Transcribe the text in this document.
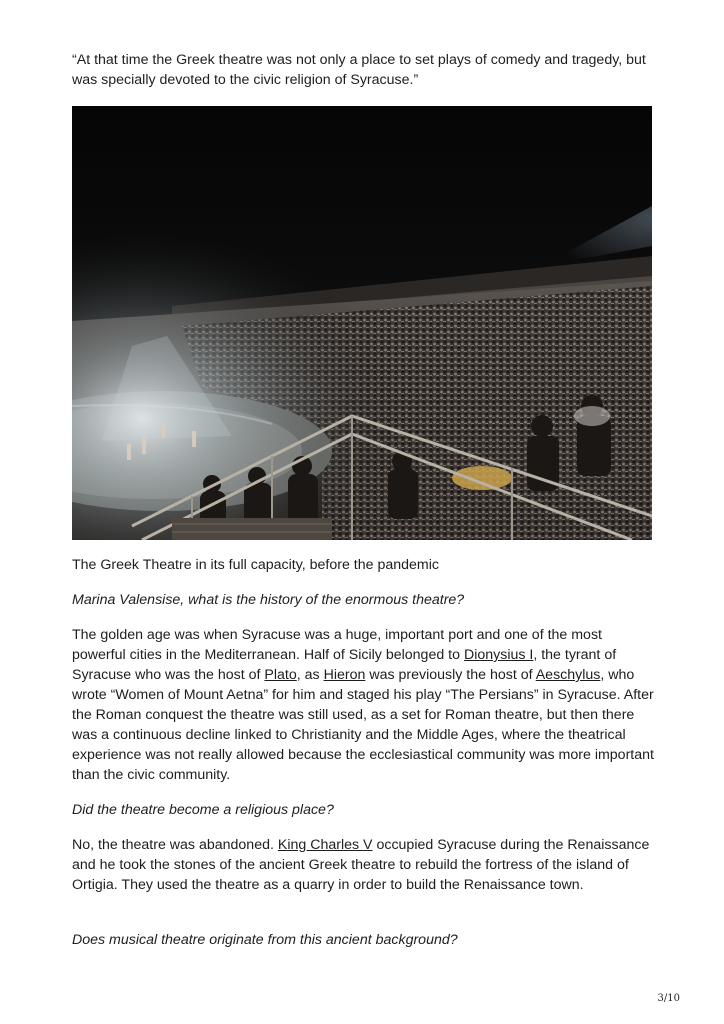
“At that time the Greek theatre was not only a place to set plays of comedy and tragedy, but was specially devoted to the civic religion of Syracuse.”

The Greek Theatre in its full capacity, before the pandemic

Marina Valensise, what is the history of the enormous theatre?

The golden age was when Syracuse was a huge, important port and one of the most powerful cities in the Mediterranean. Half of Sicily belonged to Dionysius I, the tyrant of Syracuse who was the host of Plato, as Hieron was previously the host of Aeschylus, who wrote “Women of Mount Aetna” for him and staged his play “The Persians” in Syracuse. After the Roman conquest the theatre was still used, as a set for Roman theatre, but then there was a continuous decline linked to Christianity and the Middle Ages, where the theatrical experience was not really allowed because the ecclesiastical community was more important than the civic community.

Did the theatre become a religious place?

No, the theatre was abandoned. King Charles V occupied Syracuse during the Renaissance and he took the stones of the ancient Greek theatre to rebuild the fortress of the island of Ortigia. They used the theatre as a quarry in order to build the Renaissance town.

Does musical theatre originate from this ancient background?

3/10
